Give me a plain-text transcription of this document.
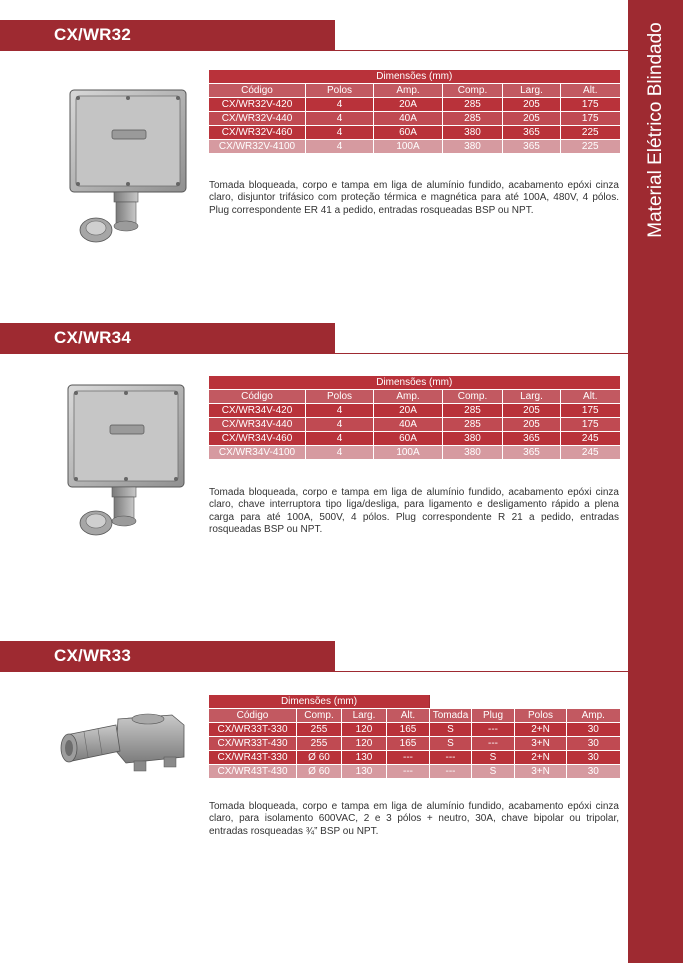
Material Elétrico Blindado
CX/WR32
Dimensões (mm)					
Código	Polos	Amp.	Comp.	Larg.	Alt.
CX/WR32V-420	4	20A	285	205	175
CX/WR32V-440	4	40A	285	205	175
CX/WR32V-460	4	60A	380	365	225
CX/WR32V-4100	4	100A	380	365	225
Tomada bloqueada, corpo e tampa em liga de alumínio fundido, acabamento epóxi cinza claro, disjuntor trifásico com proteção térmica e magnética para até 100A, 480V, 4 pólos. Plug correspondente ER 41 a pedido, entradas rosqueadas BSP ou NPT.
CX/WR34
Dimensões (mm)					
Código	Polos	Amp.	Comp.	Larg.	Alt.
CX/WR34V-420	4	20A	285	205	175
CX/WR34V-440	4	40A	285	205	175
CX/WR34V-460	4	60A	380	365	245
CX/WR34V-4100	4	100A	380	365	245
Tomada bloqueada, corpo e tampa em liga de alumínio fundido, acabamento epóxi cinza claro, chave interruptora tipo liga/desliga, para ligamento e desligamento rápido a plena carga para até 100A, 500V, 4 pólos. Plug correspondente R 21 a pedido, entradas rosqueadas BSP ou NPT.
CX/WR33
Dimensões (mm)							
Código	Comp.	Larg.	Alt.	Tomada	Plug	Polos	Amp.
CX/WR33T-330	255	120	165	S	---	2+N	30
CX/WR33T-430	255	120	165	S	---	3+N	30
CX/WR43T-330	Ø 60	130	---	---	S	2+N	30
CX/WR43T-430	Ø 60	130	---	---	S	3+N	30
Tomada bloqueada, corpo e tampa em liga de alumínio fundido, acabamento epóxi cinza claro, para isolamento 600VAC, 2 e 3 pólos + neutro, 30A, chave bipolar ou tripolar, entradas rosqueadas ¾” BSP ou NPT.
